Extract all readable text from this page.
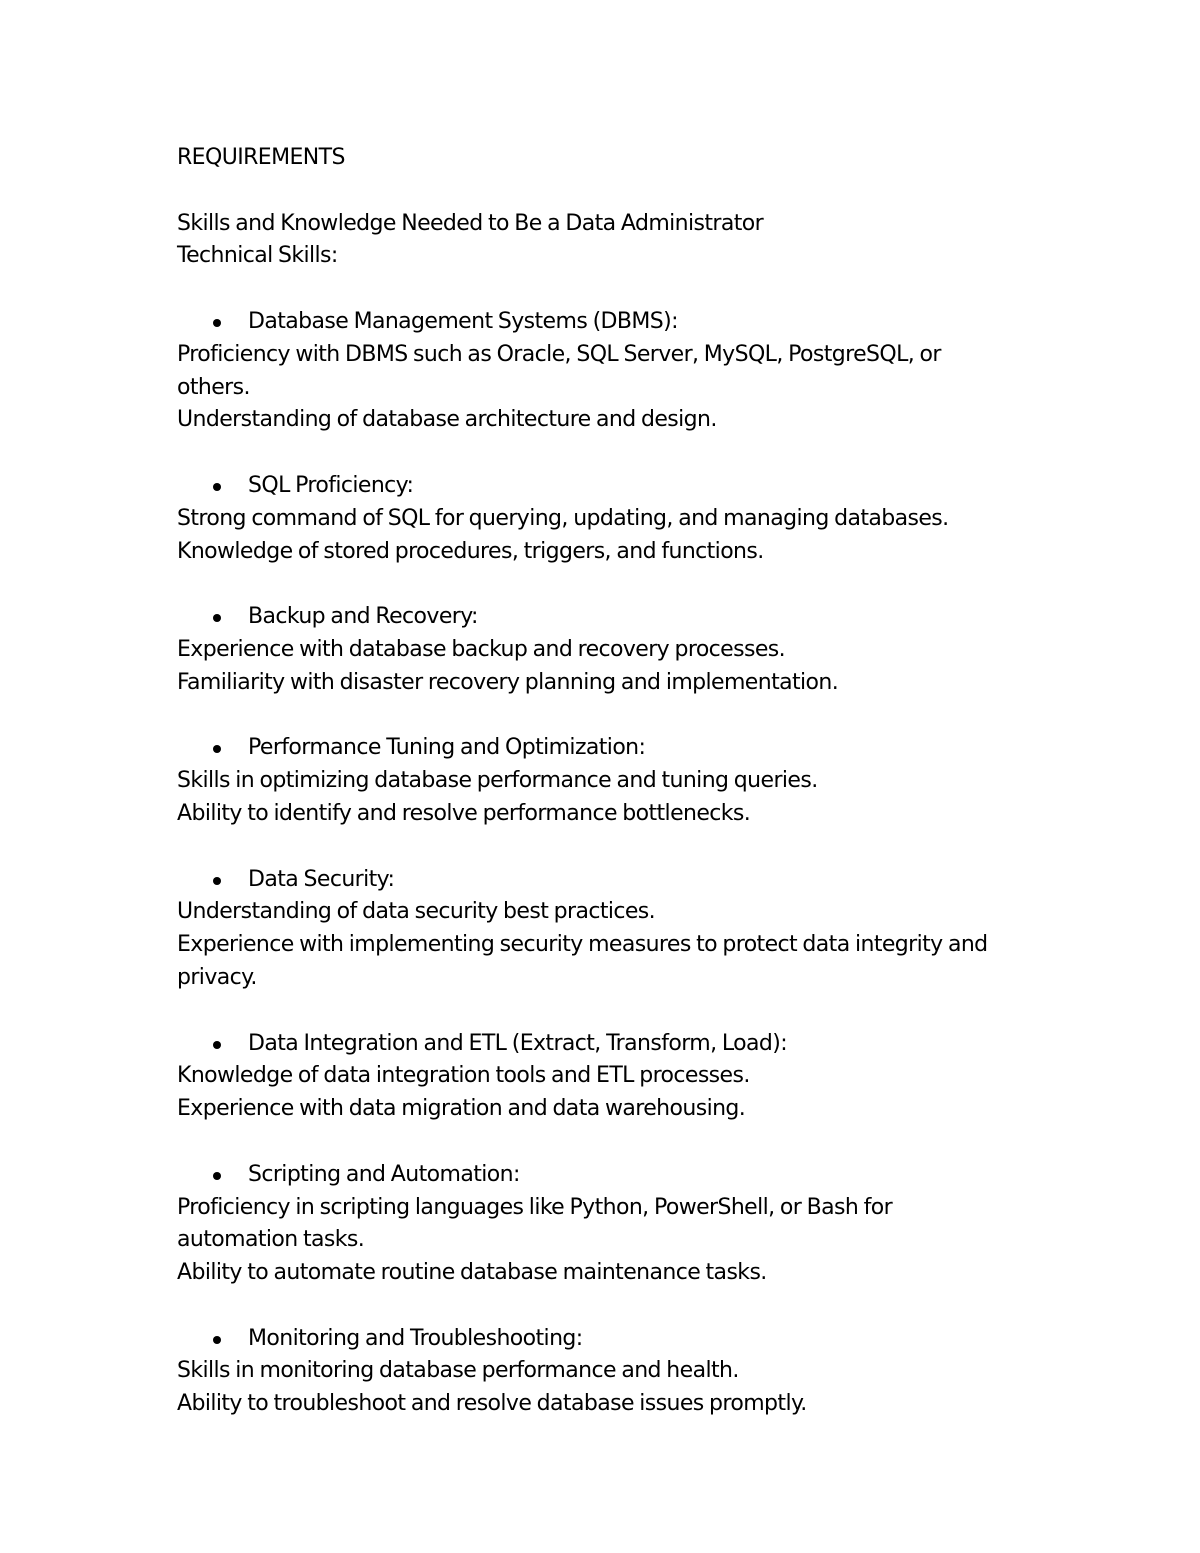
REQUIREMENTS

Skills and Knowledge Needed to Be a Data Administrator

Technical Skills:

Database Management Systems (DBMS):

Proficiency with DBMS such as Oracle, SQL Server, MySQL, PostgreSQL, or

others.

Understanding of database architecture and design.

SQL Proficiency:

Strong command of SQL for querying, updating, and managing databases.

Knowledge of stored procedures, triggers, and functions.

Backup and Recovery:

Experience with database backup and recovery processes.

Familiarity with disaster recovery planning and implementation.

Performance Tuning and Optimization:

Skills in optimizing database performance and tuning queries.

Ability to identify and resolve performance bottlenecks.

Data Security:

Understanding of data security best practices.

Experience with implementing security measures to protect data integrity and

privacy.

Data Integration and ETL (Extract, Transform, Load):

Knowledge of data integration tools and ETL processes.

Experience with data migration and data warehousing.

Scripting and Automation:

Proficiency in scripting languages like Python, PowerShell, or Bash for

automation tasks.

Ability to automate routine database maintenance tasks.

Monitoring and Troubleshooting:

Skills in monitoring database performance and health.

Ability to troubleshoot and resolve database issues promptly.
